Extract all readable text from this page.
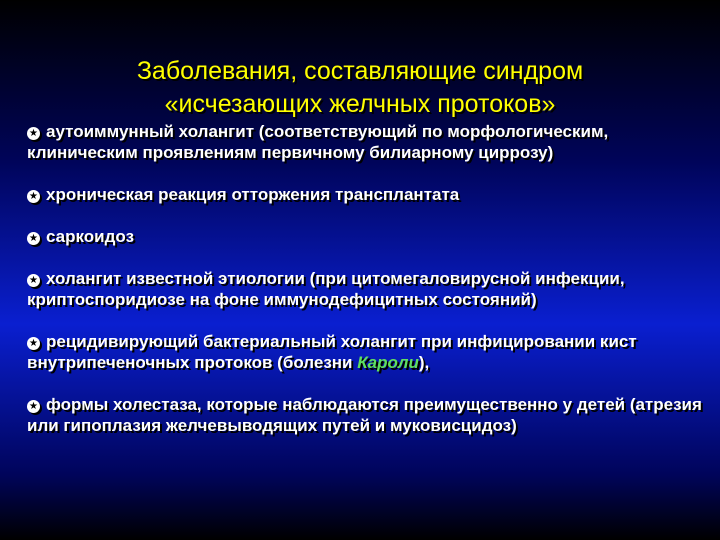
Заболевания, составляющие синдром
«исчезающих желчных протоков»
★ аутоиммунный холангит (соответствующий по морфологическим, клиническим проявлениям первичному билиарному циррозу)
★ хроническая реакция отторжения трансплантата
★ саркоидоз
★ холангит известной этиологии (при цитомегаловирусной инфекции, криптоспоридиозе на фоне иммунодефицитных состояний)
★ рецидивирующий бактериальный холангит при инфицировании кист внутрипеченочных протоков (болезни Кароли),
★ формы холестаза, которые наблюдаются преимущественно у детей (атрезия или гипоплазия желчевыводящих путей и муковисцидоз)
